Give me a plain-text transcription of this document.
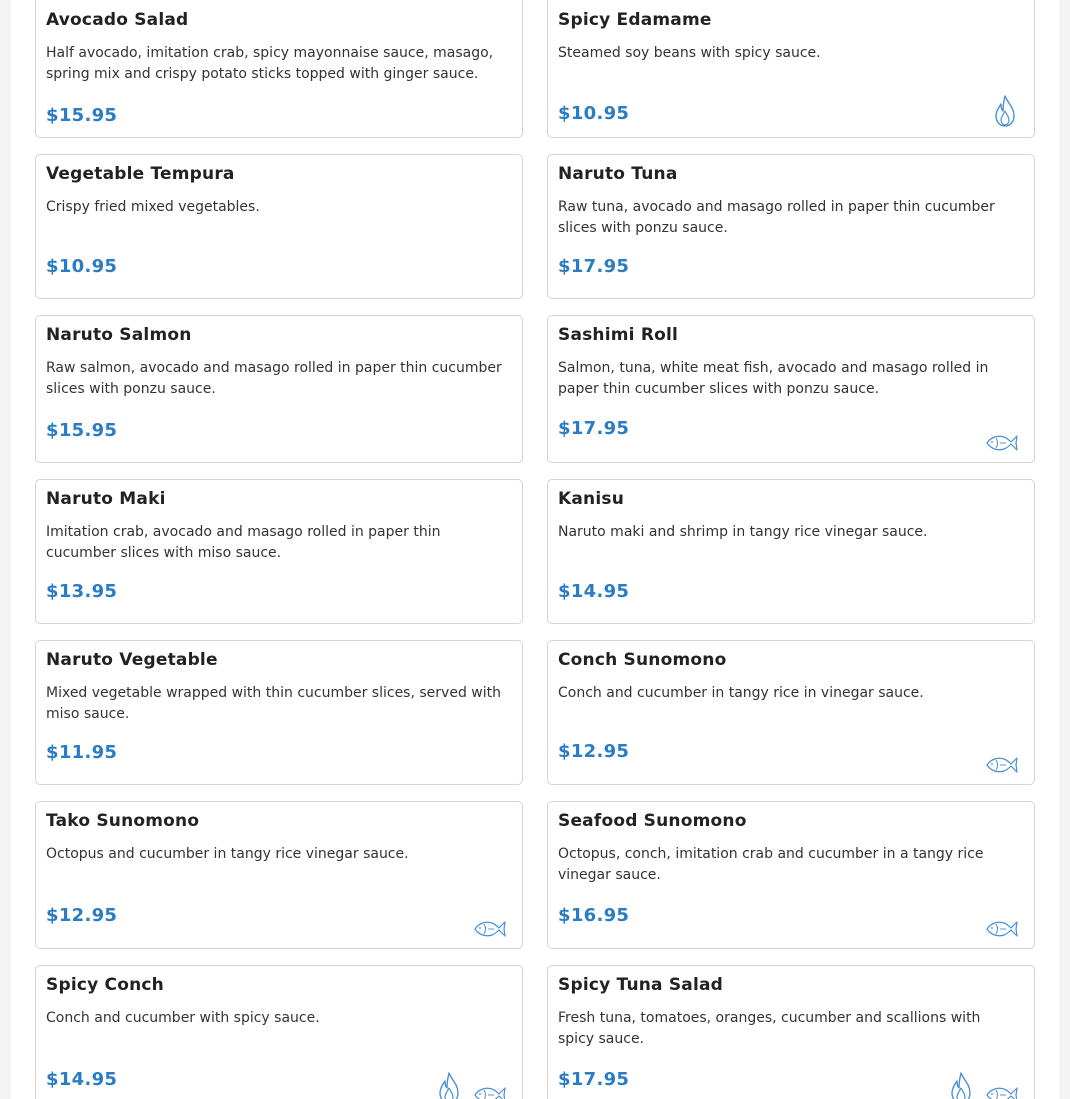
Avocado Salad
Half avocado, imitation crab, spicy mayonnaise sauce, masago, spring mix and crispy potato sticks topped with ginger sauce.
$15.95
Spicy Edamame
Steamed soy beans with spicy sauce.
$10.95
Vegetable Tempura
Crispy fried mixed vegetables.
$10.95
Naruto Tuna
Raw tuna, avocado and masago rolled in paper thin cucumber slices with ponzu sauce.
$17.95
Naruto Salmon
Raw salmon, avocado and masago rolled in paper thin cucumber slices with ponzu sauce.
$15.95
Sashimi Roll
Salmon, tuna, white meat fish, avocado and masago rolled in paper thin cucumber slices with ponzu sauce.
$17.95
Naruto Maki
Imitation crab, avocado and masago rolled in paper thin cucumber slices with miso sauce.
$13.95
Kanisu
Naruto maki and shrimp in tangy rice vinegar sauce.
$14.95
Naruto Vegetable
Mixed vegetable wrapped with thin cucumber slices, served with miso sauce.
$11.95
Conch Sunomono
Conch and cucumber in tangy rice in vinegar sauce.
$12.95
Tako Sunomono
Octopus and cucumber in tangy rice vinegar sauce.
$12.95
Seafood Sunomono
Octopus, conch, imitation crab and cucumber in a tangy rice vinegar sauce.
$16.95
Spicy Conch
Conch and cucumber with spicy sauce.
$14.95
Spicy Tuna Salad
Fresh tuna, tomatoes, oranges, cucumber and scallions with spicy sauce.
$17.95
